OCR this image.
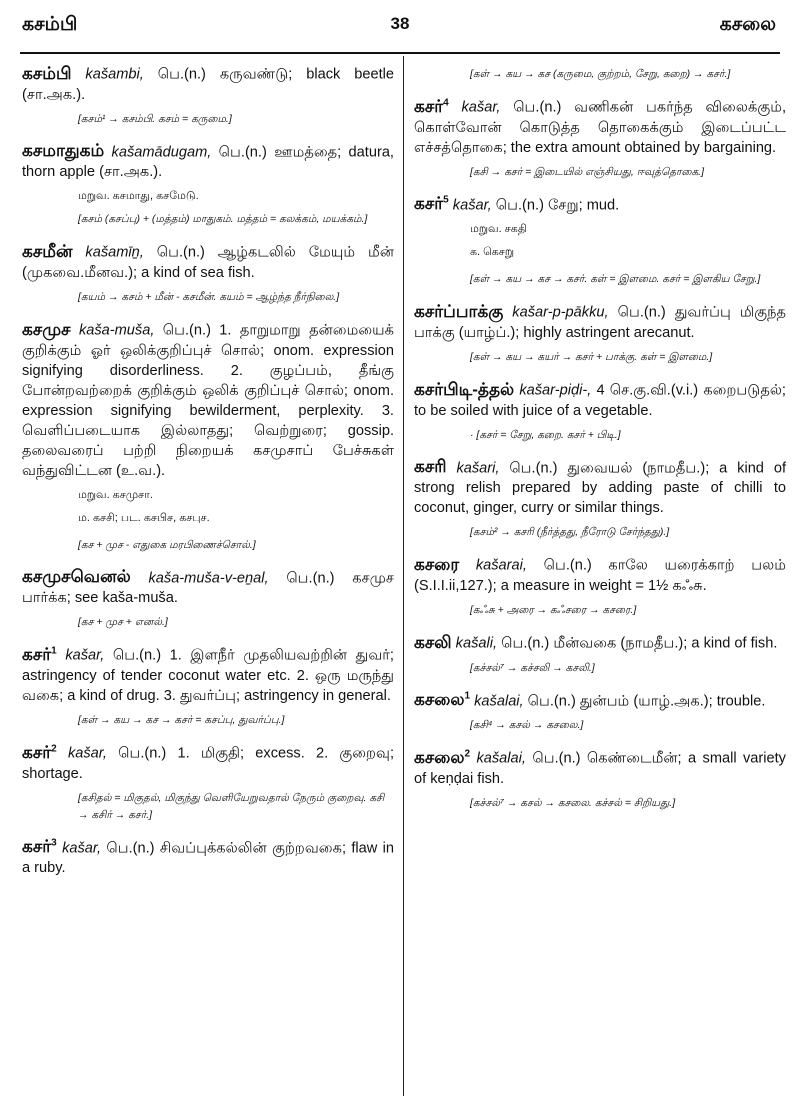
கசம்பி	38	கசலை
கசம்பி kašambi, பெ.(n.) கருவண்டு; black beetle (சா.அக.).
[கசம்¹ → கசம்பி. கசம் = கருமை.]
கசமாதுகம் kašamādugam, பெ.(n.) ஊமத்தை; datura, thorn apple (சா.அக.).
மறுவ. கசமாது, கசமேடு.
[கசம் (கசப்பு) + (மத்தம்) மாதுகம். மத்தம் = கலக்கம், மயக்கம்.]
கசமீன் kašamīṉ, பெ.(n.) ஆழ்கடலில் மேயும் மீன் (முகவை.மீனவ.); a kind of sea fish.
[கயம் → கசம் + மீன் - கசமீன். கயம் = ஆழ்ந்த நீர்நிலை.]
கசமுச kaša-muša, பெ.(n.) 1. தாறுமாறு தன்மையைக் குறிக்கும் ஓர் ஒலிக்குறிப்புச் சொல்; onom. expression signifying disorderliness. 2. குழப்பம், தீங்கு போன்றவற்றைக் குறிக்கும் ஒலிக் குறிப்புச் சொல்; onom. expression signifying bewilderment, perplexity. 3. வெளிப்படையாக இல்லாதது; வெற்றுரை; gossip. தலைவரைப் பற்றி நிறையக் கசமுசாப் பேச்சுகள் வந்துவிட்டன (உ.வ.).
மறுவ. கசமுசா.
ம. கசசி; பட. கசபிச, கசபுச.
[கச + முச - எதுகை மரபிணைச்சொல்.]
கசமுசவெனல் kaša-muša-v-eṉal, பெ.(n.) கசமுச பார்க்க; see kaša-muša.
[கச + முச + எனல்.]
கசர்$^1$ kašar, பெ.(n.) 1. இளநீர் முதலியவற்றின் துவர்; astringency of tender coconut water etc. 2. ஒரு மருந்து வகை; a kind of drug. 3. துவர்ப்பு; astringency in general.
[கள் → கய → கச → கசர் = கசப்பு, துவர்ப்பு.]
கசர்$^2$ kašar, பெ.(n.) 1. மிகுதி; excess. 2. குறைவு; shortage.
[கசிதல் = மிகுதல், மிகுந்து வெளியேறுவதால் நேரும் குறைவு. கசி → கசிர் → கசர்.]
கசர்$^3$ kašar, பெ.(n.) சிவப்புக்கல்லின் குற்றவகை; flaw in a ruby.
[கள் → கய → கச (கருமை, குற்றம், சேறு, கறை) → கசர்.]
கசர்$^4$ kašar, பெ.(n.) வணிகன் பகர்ந்த விலைக்கும், கொள்வோன் கொடுத்த தொகைக்கும் இடைப்பட்ட எச்சத்தொகை; the extra amount obtained by bargaining.
[கசி → கசர் = இடையில் எஞ்சியது, ஈவுத்தொகை.]
கசர்$^5$ kašar, பெ.(n.) சேறு; mud.
மறுவ. சகதி
க. கெசறு
[கள் → கய → கச → கசர். கள் = இளமை. கசர் = இளகிய சேறு.]
கசர்ப்பாக்கு kašar-p-pākku, பெ.(n.) துவர்ப்பு மிகுந்த பாக்கு (யாழ்ப்.); highly astringent arecanut.
[கள் → கய → கயர் → கசர் + பாக்கு. கள் = இளமை.]
கசர்பிடி-த்தல் kašar-piḍi-, 4 செ.கு.வி.(v.i.) கறைபடுதல்; to be soiled with juice of a vegetable.
· [கசர் = சேறு, கறை. கசர் + பிடி.]
கசரி kašari, பெ.(n.) துவையல் (நாமதீப.); a kind of strong relish prepared by adding paste of chilli to coconut, ginger, curry or similar things.
[கசம்² → கசரி (நீர்த்தது, நீரோடு சேர்ந்தது).]
கசரை kašarai, பெ.(n.) காலே யரைக்காற் பலம் (S.I.I.ii,127.); a measure in weight = 1½ கஃசு.
[கஃசு + அரை → கஃசரை → கசரை.]
கசலி kašali, பெ.(n.) மீன்வகை (நாமதீப.); a kind of fish.
[கச்சல்⁷ → கச்சலி → கசலி.]
கசலை$^1$ kašalai, பெ.(n.) துன்பம் (யாழ்.அக.); trouble.
[கசி⁴ → கசல் → கசலை.]
கசலை$^2$ kašalai, பெ.(n.) கெண்டைமீன்; a small variety of keṇḍai fish.
[கச்சல்⁷ → கசல் → கசலை. கச்சல் = சிறியது.]
